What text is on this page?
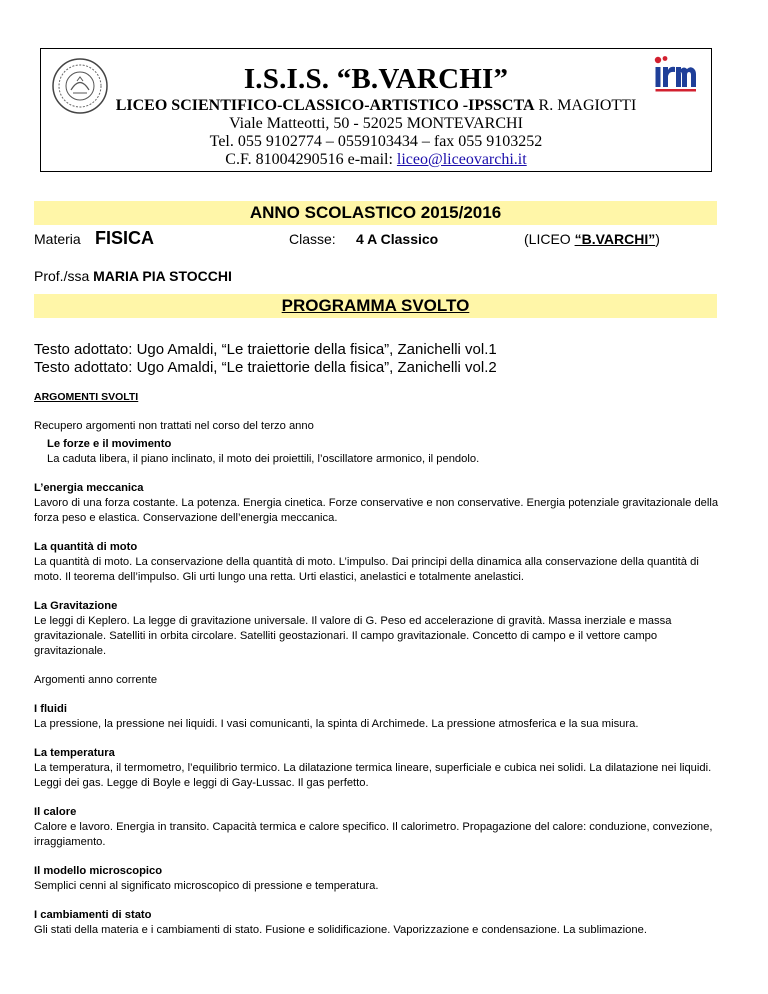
I.S.I.S. “B.VARCHI”
LICEO SCIENTIFICO-CLASSICO-ARTISTICO -IPSSCTA R. MAGIOTTI
Viale Matteotti, 50 - 52025 MONTEVARCHI
Tel. 055 9102774 – 0559103434 – fax 055 9103252
C.F. 81004290516 e-mail: liceo@liceovarchi.it
ANNO SCOLASTICO 2015/2016
Materia FISICA	Classe: 4 A Classico	(LICEO “B.VARCHI”)
Prof./ssa MARIA PIA STOCCHI
PROGRAMMA SVOLTO
Testo adottato: Ugo Amaldi, “Le traiettorie della fisica”, Zanichelli vol.1
Testo adottato: Ugo Amaldi, “Le traiettorie della fisica”, Zanichelli vol.2
ARGOMENTI SVOLTI
Recupero argomenti non trattati nel corso del terzo anno
Le forze e il movimento
La caduta libera, il piano inclinato, il moto dei proiettili, l’oscillatore armonico, il pendolo.
L’energia meccanica
Lavoro di una forza costante. La potenza. Energia cinetica. Forze conservative e non conservative. Energia potenziale gravitazionale della forza peso e elastica. Conservazione dell’energia meccanica.
La quantità di moto
La quantità di moto. La conservazione della quantità di moto. L’impulso. Dai principi della dinamica alla conservazione della quantità di moto. Il teorema dell’impulso. Gli urti lungo una retta. Urti elastici, anelastici e totalmente anelastici.
La Gravitazione
Le leggi di Keplero. La legge di gravitazione universale. Il valore di G. Peso ed accelerazione di gravità. Massa inerziale e massa gravitazionale. Satelliti in orbita circolare. Satelliti geostazionari. Il campo gravitazionale. Concetto di campo e il vettore campo gravitazionale.
Argomenti anno corrente
I fluidi
La pressione, la pressione nei liquidi. I vasi comunicanti, la spinta di Archimede. La pressione atmosferica e la sua misura.
La temperatura
La temperatura, il termometro, l’equilibrio termico. La dilatazione termica lineare, superficiale e cubica nei solidi. La dilatazione nei liquidi.
Leggi dei gas. Legge di Boyle e leggi di Gay-Lussac. Il gas perfetto.
Il calore
Calore e lavoro. Energia in transito. Capacità termica e calore specifico. Il calorimetro. Propagazione del calore: conduzione, convezione, irraggiamento.
Il modello microscopico
Semplici cenni al significato microscopico di pressione e temperatura.
I cambiamenti di stato
Gli stati della materia e i cambiamenti di stato. Fusione e solidificazione. Vaporizzazione e condensazione. La sublimazione.
